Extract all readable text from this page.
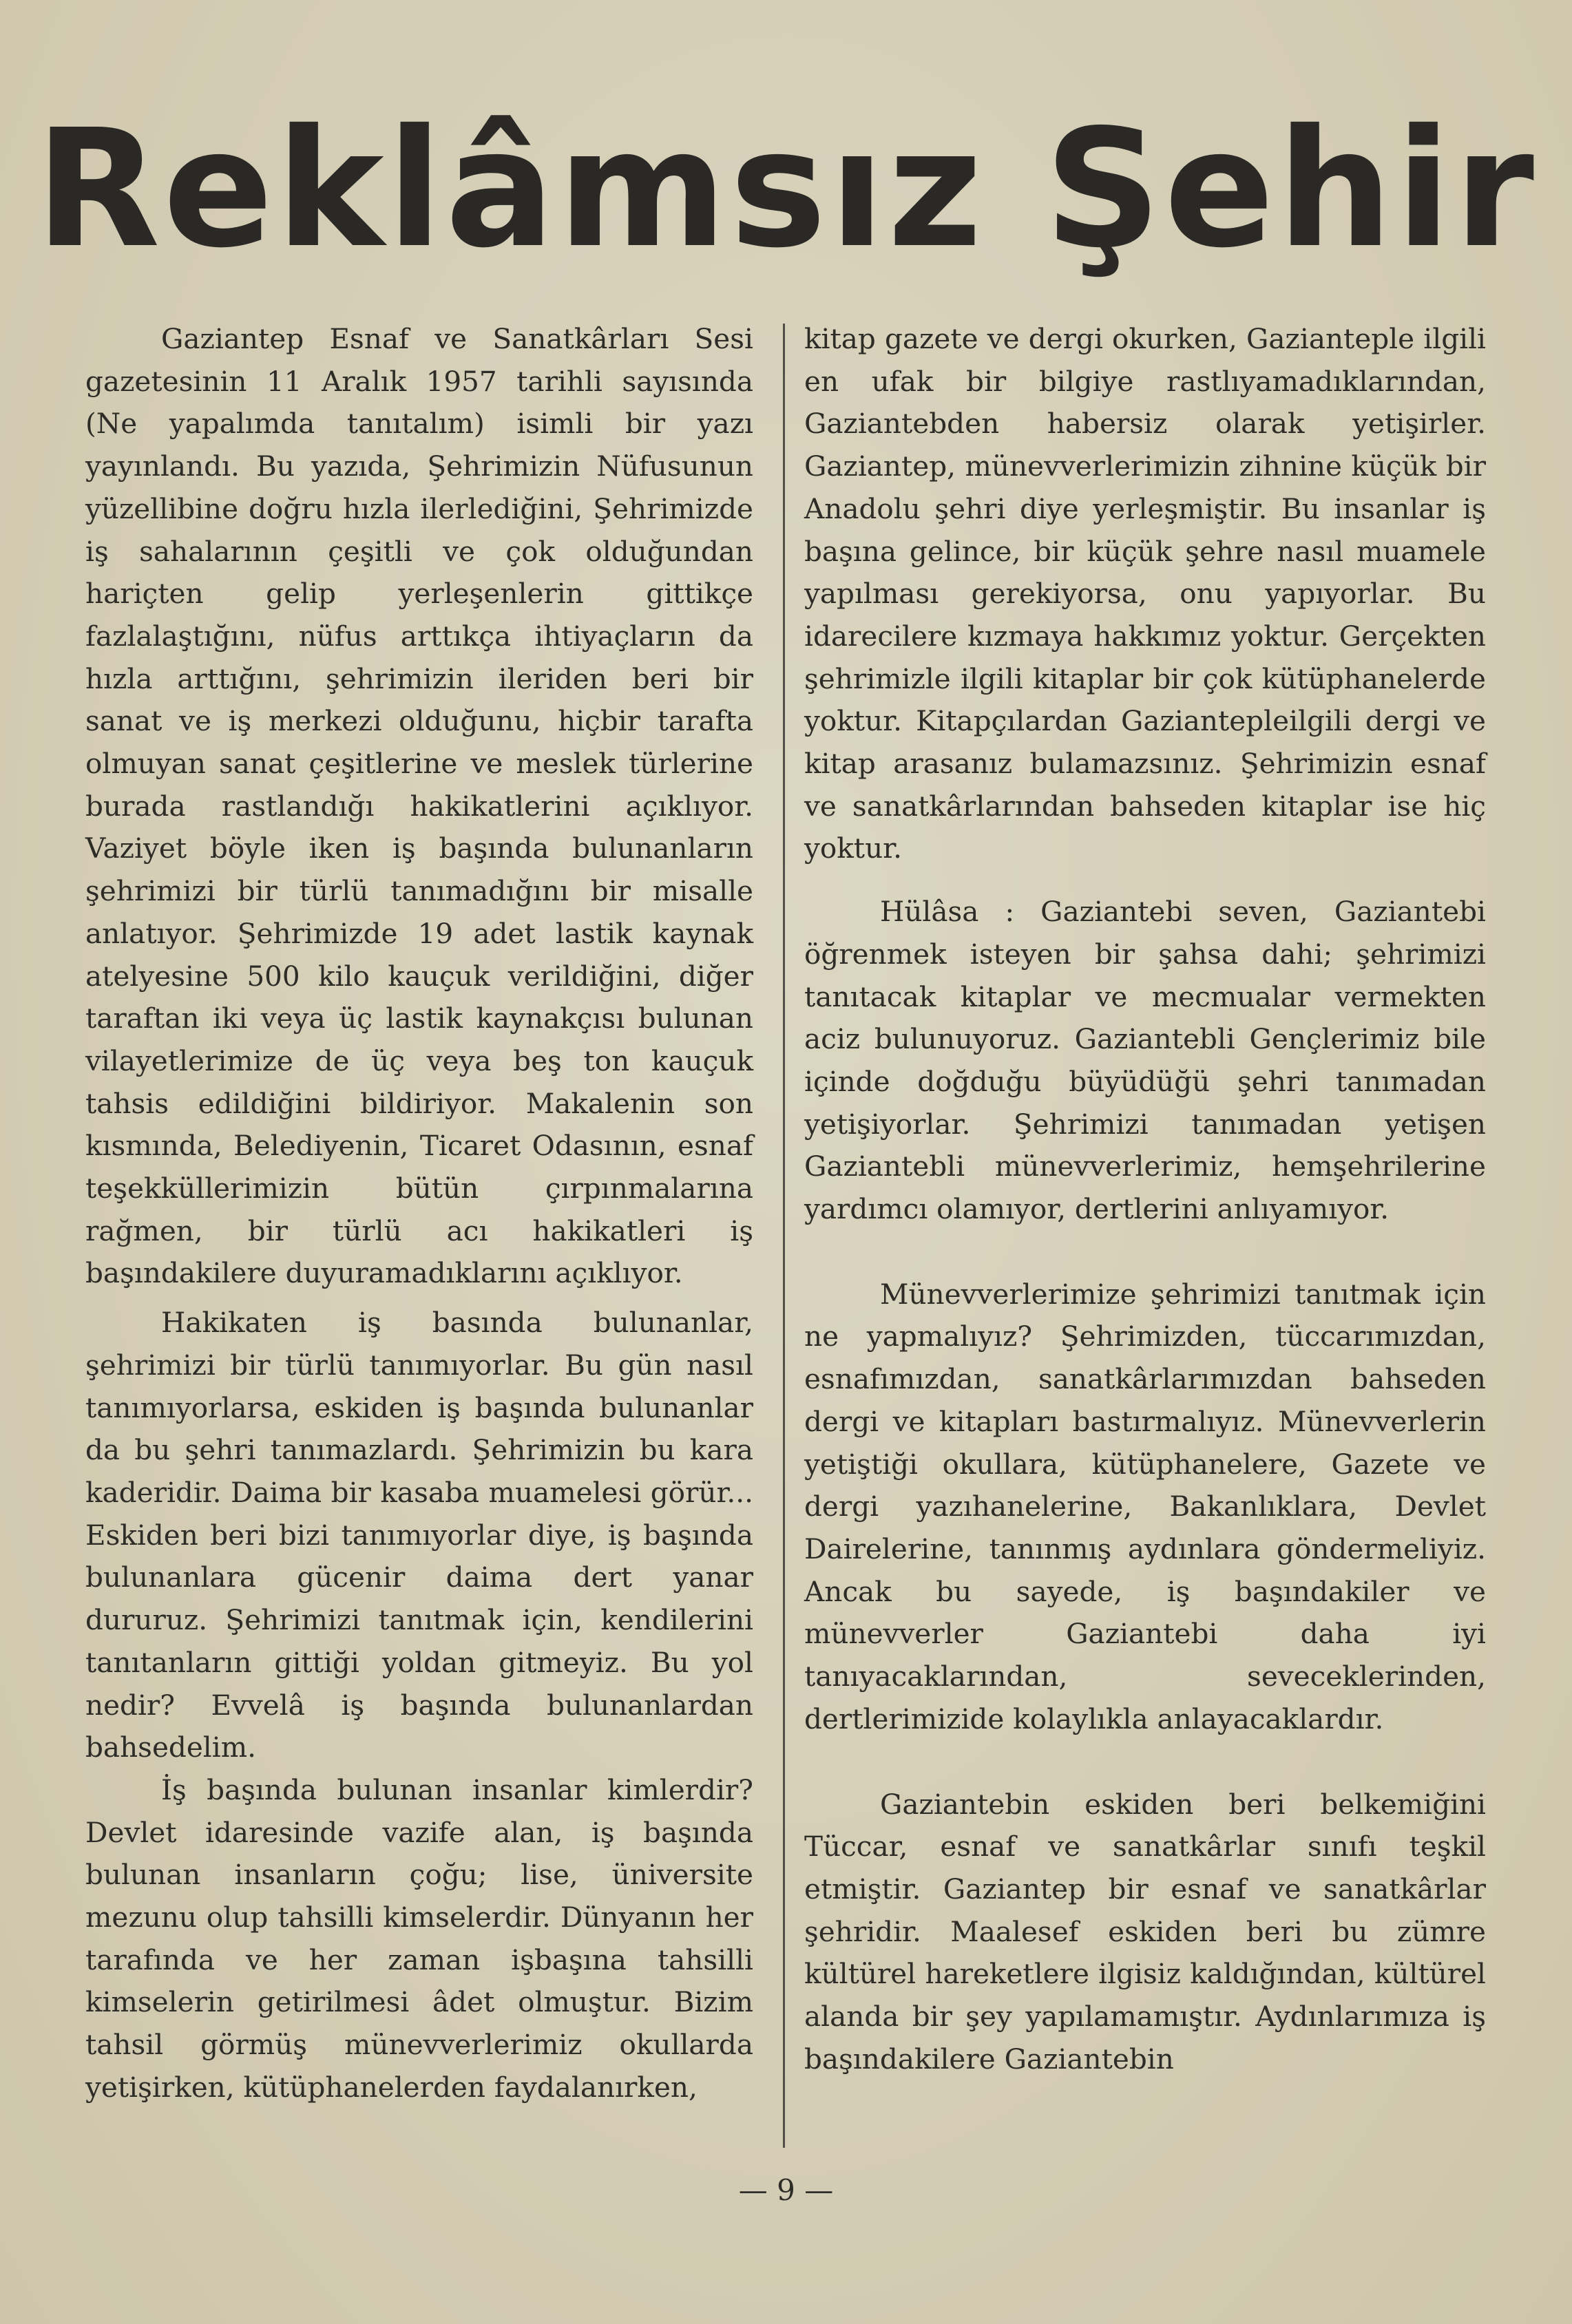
Reklâmsız Şehir

Gaziantep Esnaf ve Sanatkârları Sesi gazetesinin 11 Aralık 1957 tarihli sayısında (Ne yapalımda tanıtalım) isimli bir yazı yayınlandı. Bu yazıda, Şehrimizin Nüfusunun yüzellibine doğru hızla ilerlediğini, Şehrimizde iş sahalarının çeşitli ve çok olduğundan hariçten gelip yerleşenlerin gittikçe fazlalaştığını, nüfus arttıkça ihtiyaçların da hızla arttığını, şehrimizin ileriden beri bir sanat ve iş merkezi olduğunu, hiçbir tarafta olmuyan sanat çeşitlerine ve meslek türlerine burada rastlandığı hakikatlerini açıklıyor. Vaziyet böyle iken iş başında bulunanların şehrimizi bir türlü tanımadığını bir misalle anlatıyor. Şehrimizde 19 adet lastik kaynak atelyesine 500 kilo kauçuk verildiğini, diğer taraftan iki veya üç lastik kaynakçısı bulunan vilayetlerimize de üç veya beş ton kauçuk tahsis edildiğini bildiriyor. Makalenin son kısmında, Belediyenin, Ticaret Odasının, esnaf teşekküllerimizin bütün çırpınmalarına rağmen, bir türlü acı hakikatleri iş başındakilere duyuramadıklarını açıklıyor.

Hakikaten iş basında bulunanlar, şehrimizi bir türlü tanımıyorlar. Bu gün nasıl tanımıyorlarsa, eskiden iş başında bulunanlar da bu şehri tanımazlardı. Şehrimizin bu kara kaderidir. Daima bir kasaba muamelesi görür... Eskiden beri bizi tanımıyorlar diye, iş başında bulunanlara gücenir daima dert yanar dururuz. Şehrimizi tanıtmak için, kendilerini tanıtanların gittiği yoldan gitmeyiz. Bu yol nedir? Evvelâ iş başında bulunanlardan bahsedelim.

İş başında bulunan insanlar kimlerdir? Devlet idaresinde vazife alan, iş başında bulunan insanların çoğu; lise, üniversite mezunu olup tahsilli kimselerdir. Dünyanın her tarafında ve her zaman işbaşına tahsilli kimselerin getirilmesi âdet olmuştur. Bizim tahsil görmüş münevverlerimiz okullarda yetişirken, kütüphanelerden faydalanırken,

kitap gazete ve dergi okurken, Gazianteple ilgili en ufak bir bilgiye rastlıyamadıklarından, Gaziantebden habersiz olarak yetişirler. Gaziantep, münevverlerimizin zihnine küçük bir Anadolu şehri diye yerleşmiştir. Bu insanlar iş başına gelince, bir küçük şehre nasıl muamele yapılması gerekiyorsa, onu yapıyorlar. Bu idarecilere kızmaya hakkımız yoktur. Gerçekten şehrimizle ilgili kitaplar bir çok kütüphanelerde yoktur. Kitapçılardan Gaziantepleilgili dergi ve kitap arasanız bulamazsınız. Şehrimizin esnaf ve sanatkârlarından bahseden kitaplar ise hiç yoktur.

Hülâsa : Gaziantebi seven, Gaziantebi öğrenmek isteyen bir şahsa dahi; şehrimizi tanıtacak kitaplar ve mecmualar vermekten aciz bulunuyoruz. Gaziantebli Gençlerimiz bile içinde doğduğu büyüdüğü şehri tanımadan yetişiyorlar. Şehrimizi tanımadan yetişen Gaziantebli münevverlerimiz, hemşehrilerine yardımcı olamıyor, dertlerini anlıyamıyor.

Münevverlerimize şehrimizi tanıtmak için ne yapmalıyız? Şehrimizden, tüccarımızdan, esnafımızdan, sanatkârlarımızdan bahseden dergi ve kitapları bastırmalıyız. Münevverlerin yetiştiği okullara, kütüphanelere, Gazete ve dergi yazıhanelerine, Bakanlıklara, Devlet Dairelerine, tanınmış aydınlara göndermeliyiz. Ancak bu sayede, iş başındakiler ve münevverler Gaziantebi daha iyi tanıyacaklarından, seveceklerinden, dertlerimizide kolaylıkla anlayacaklardır.

Gaziantebin eskiden beri belkemiğini Tüccar, esnaf ve sanatkârlar sınıfı teşkil etmiştir. Gaziantep bir esnaf ve sanatkârlar şehridir. Maalesef eskiden beri bu zümre kültürel hareketlere ilgisiz kaldığından, kültürel alanda bir şey yapılamamıştır. Aydınlarımıza iş başındakilere Gaziantebin

— 9 —
